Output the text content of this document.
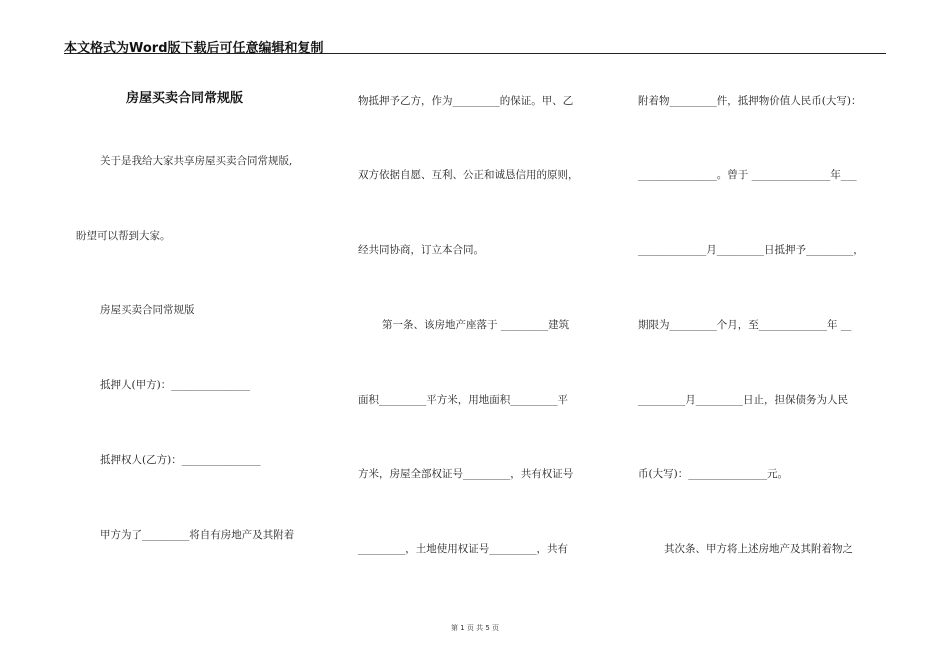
本文格式为Word版下载后可任意编辑和复制
房屋买卖合同常规版
关于是我给大家共享房屋买卖合同常规版,
盼望可以帮到大家。
房屋买卖合同常规版
抵押人(甲方)：_______________
抵押权人(乙方)：_______________
甲方为了_________将自有房地产及其附着
物抵押予乙方，作为_________的保证。甲、乙
双方依据自愿、互利、公正和诚恳信用的原则，
经共同协商，订立本合同。
第一条、该房地产座落于 _________建筑
面积_________平方米，用地面积_________平
方米，房屋全部权证号_________，共有权证号
_________，土地使用权证号_________，共有
附着物_________件，抵押物价值人民币(大写)：
_______________。曾于 _______________年___
_____________月_________日抵押予_________，
期限为_________个月，至_____________年 __
_________月_________日止，担保债务为人民
币(大写)：_______________元。
其次条、甲方将上述房地产及其附着物之
第 1 页 共 5 页
